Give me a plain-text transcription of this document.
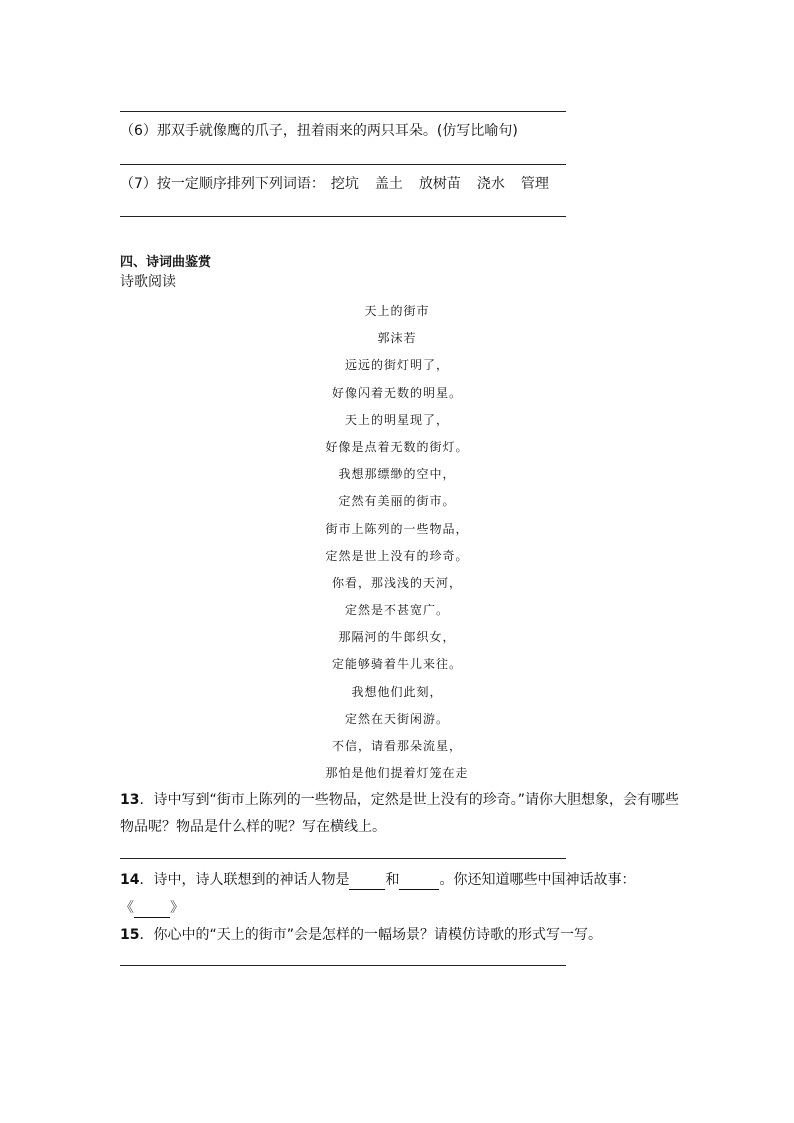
（6）那双手就像鹰的爪子，扭着雨来的两只耳朵。(仿写比喻句)
（7）按一定顺序排列下列词语： 挖坑 盖土 放树苗 浇水 管理
四、诗词曲鉴赏
诗歌阅读
天上的街市
郭沫若
远远的街灯明了，
好像闪着无数的明星。
天上的明星现了，
好像是点着无数的街灯。
我想那缥缈的空中，
定然有美丽的街市。
街市上陈列的一些物品，
定然是世上没有的珍奇。
你看，那浅浅的天河，
定然是不甚宽广。
那隔河的牛郎织女，
定能够骑着牛儿来往。
我想他们此刻，
定然在天街闲游。
不信，请看那朵流星，
那怕是他们提着灯笼在走
13．诗中写到“街市上陈列的一些物品，定然是世上没有的珍奇。”请你大胆想象，会有哪些
物品呢？物品是什么样的呢？写在横线上。
14．诗中，诗人联想到的神话人物是	和	。你还知道哪些中国神话故事：
《	》
15．你心中的“天上的街市”会是怎样的一幅场景？请模仿诗歌的形式写一写。
